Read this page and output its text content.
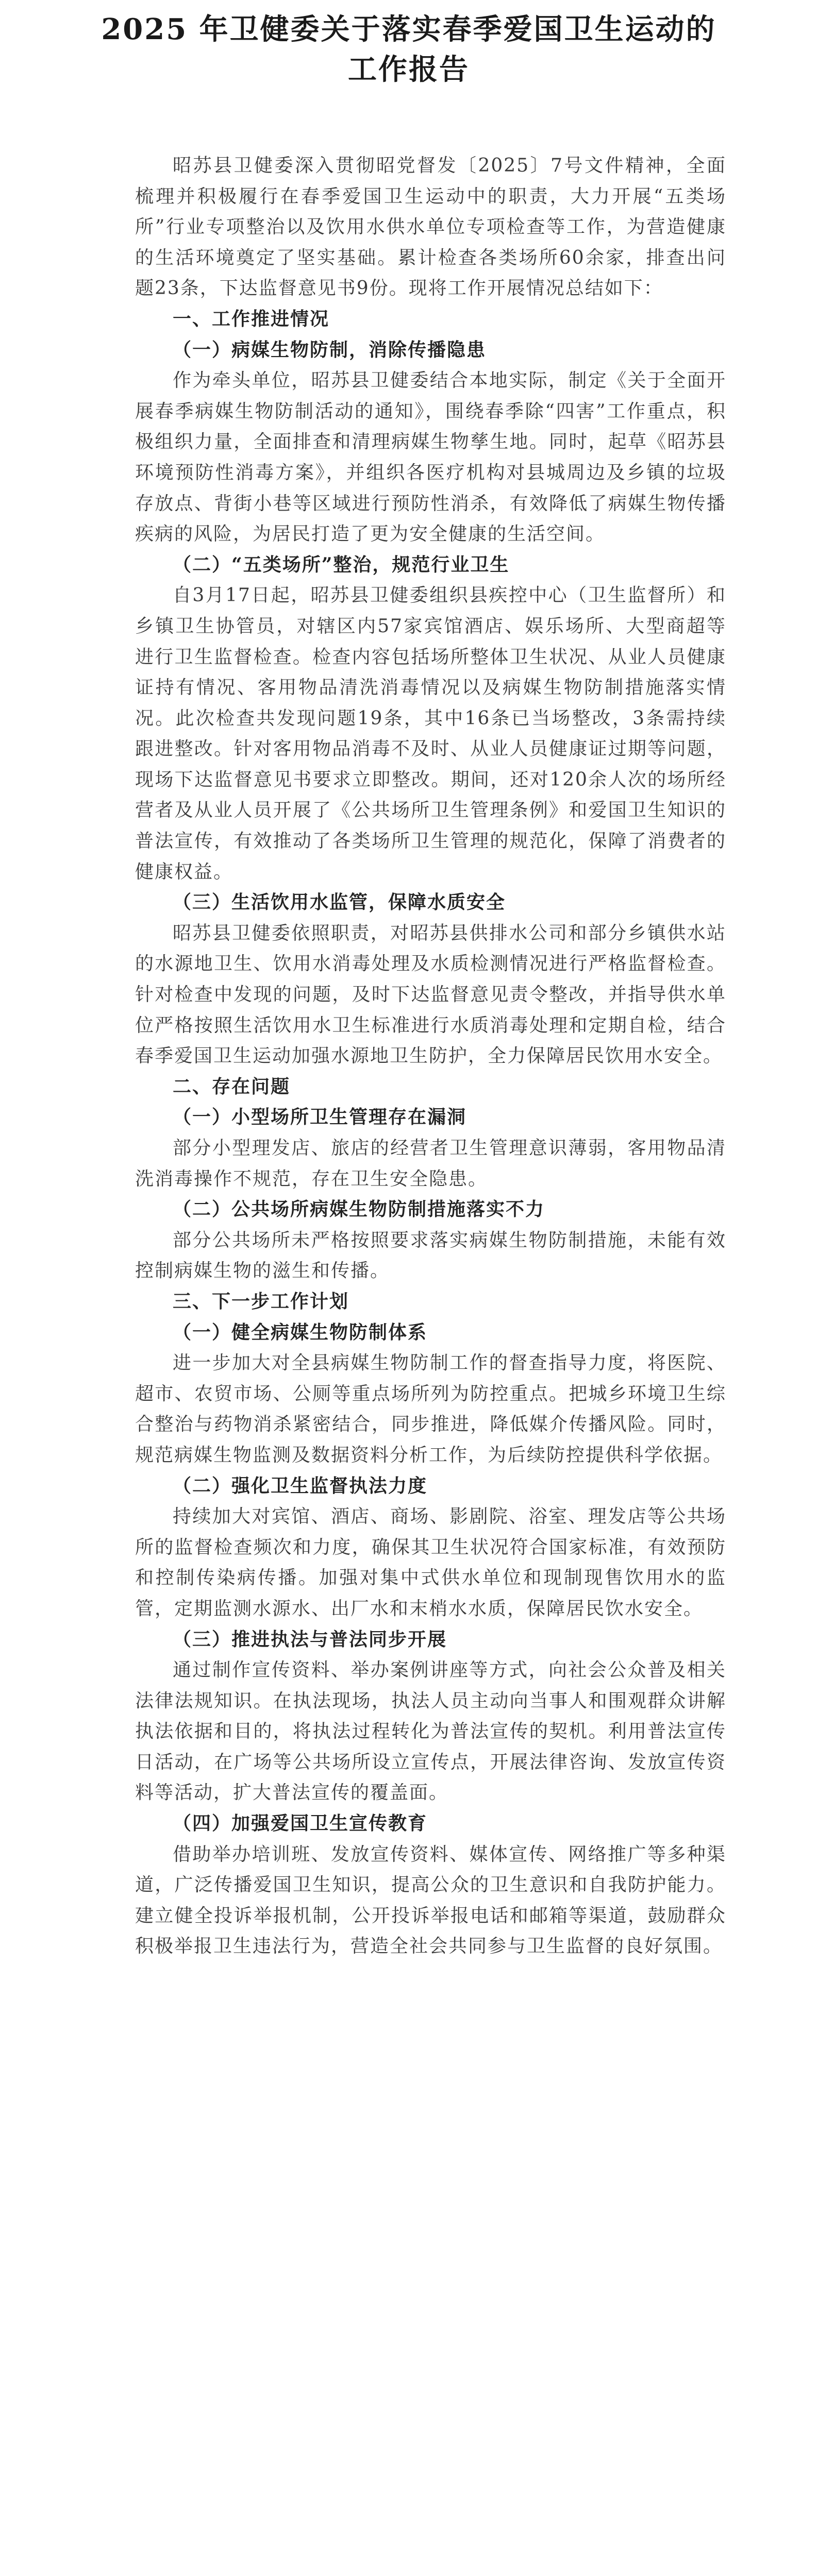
2025 年卫健委关于落实春季爱国卫生运动的
工作报告

昭苏县卫健委深入贯彻昭党督发〔2025〕7号文件精神，全面梳理并积极履行在春季爱国卫生运动中的职责，大力开展“五类场所”行业专项整治以及饮用水供水单位专项检查等工作，为营造健康的生活环境奠定了坚实基础。累计检查各类场所60余家，排查出问题23条，下达监督意见书9份。现将工作开展情况总结如下：

一、工作推进情况

（一）病媒生物防制，消除传播隐患

作为牵头单位，昭苏县卫健委结合本地实际，制定《关于全面开展春季病媒生物防制活动的通知》，围绕春季除“四害”工作重点，积极组织力量，全面排查和清理病媒生物孳生地。同时，起草《昭苏县环境预防性消毒方案》，并组织各医疗机构对县城周边及乡镇的垃圾存放点、背街小巷等区域进行预防性消杀，有效降低了病媒生物传播疾病的风险，为居民打造了更为安全健康的生活空间。

（二）“五类场所”整治，规范行业卫生

自3月17日起，昭苏县卫健委组织县疾控中心（卫生监督所）和乡镇卫生协管员，对辖区内57家宾馆酒店、娱乐场所、大型商超等进行卫生监督检查。检查内容包括场所整体卫生状况、从业人员健康证持有情况、客用物品清洗消毒情况以及病媒生物防制措施落实情况。此次检查共发现问题19条，其中16条已当场整改，3条需持续跟进整改。针对客用物品消毒不及时、从业人员健康证过期等问题，现场下达监督意见书要求立即整改。期间，还对120余人次的场所经营者及从业人员开展了《公共场所卫生管理条例》和爱国卫生知识的普法宣传，有效推动了各类场所卫生管理的规范化，保障了消费者的健康权益。

（三）生活饮用水监管，保障水质安全

昭苏县卫健委依照职责，对昭苏县供排水公司和部分乡镇供水站的水源地卫生、饮用水消毒处理及水质检测情况进行严格监督检查。针对检查中发现的问题，及时下达监督意见责令整改，并指导供水单位严格按照生活饮用水卫生标准进行水质消毒处理和定期自检，结合春季爱国卫生运动加强水源地卫生防护，全力保障居民饮用水安全。

二、存在问题

（一）小型场所卫生管理存在漏洞

部分小型理发店、旅店的经营者卫生管理意识薄弱，客用物品清洗消毒操作不规范，存在卫生安全隐患。

（二）公共场所病媒生物防制措施落实不力

部分公共场所未严格按照要求落实病媒生物防制措施，未能有效控制病媒生物的滋生和传播。

三、下一步工作计划

（一）健全病媒生物防制体系

进一步加大对全县病媒生物防制工作的督查指导力度，将医院、超市、农贸市场、公厕等重点场所列为防控重点。把城乡环境卫生综合整治与药物消杀紧密结合，同步推进，降低媒介传播风险。同时，规范病媒生物监测及数据资料分析工作，为后续防控提供科学依据。

（二）强化卫生监督执法力度

持续加大对宾馆、酒店、商场、影剧院、浴室、理发店等公共场所的监督检查频次和力度，确保其卫生状况符合国家标准，有效预防和控制传染病传播。加强对集中式供水单位和现制现售饮用水的监管，定期监测水源水、出厂水和末梢水水质，保障居民饮水安全。

（三）推进执法与普法同步开展

通过制作宣传资料、举办案例讲座等方式，向社会公众普及相关法律法规知识。在执法现场，执法人员主动向当事人和围观群众讲解执法依据和目的，将执法过程转化为普法宣传的契机。利用普法宣传日活动，在广场等公共场所设立宣传点，开展法律咨询、发放宣传资料等活动，扩大普法宣传的覆盖面。

（四）加强爱国卫生宣传教育

借助举办培训班、发放宣传资料、媒体宣传、网络推广等多种渠道，广泛传播爱国卫生知识，提高公众的卫生意识和自我防护能力。建立健全投诉举报机制，公开投诉举报电话和邮箱等渠道，鼓励群众积极举报卫生违法行为，营造全社会共同参与卫生监督的良好氛围。
